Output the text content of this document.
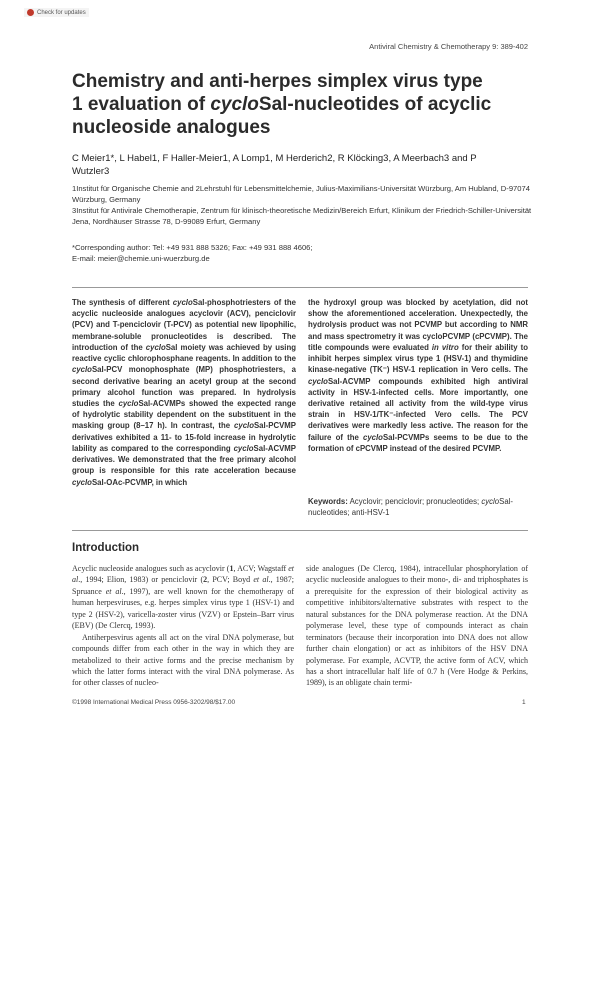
Check for updates
Antiviral Chemistry & Chemotherapy 9: 389-402
Chemistry and anti-herpes simplex virus type 1 evaluation of cycloSal-nucleotides of acyclic nucleoside analogues
C Meier1*, L Habel1, F Haller-Meier1, A Lomp1, M Herderich2, R Klöcking3, A Meerbach3 and P Wutzler3

1Institut für Organische Chemie and 2Lehrstuhl für Lebensmittelchemie, Julius-Maximilians-Universität Würzburg, Am Hubland, D-97074 Würzburg, Germany

3Institut für Antivirale Chemotherapie, Zentrum für klinisch-theoretische Medizin/Bereich Erfurt, Klinikum der Friedrich-Schiller-Universität Jena, Nordhäuser Strasse 78, D-99089 Erfurt, Germany

*Corresponding author: Tel: +49 931 888 5326; Fax: +49 931 888 4606;

E-mail: meier@chemie.uni-wuerzburg.de

The synthesis of different cycloSal-phosphotriesters of the acyclic nucleoside analogues acyclovir (ACV), penciclovir (PCV) and T-penciclovir (T-PCV) as potential new lipophilic, membrane-soluble pronucleotides is described. The introduction of the cycloSal moiety was achieved by using reactive cyclic chlorophosphane reagents. In addition to the cycloSal-PCV monophosphate (MP) phosphotriesters, a second derivative bearing an acetyl group at the second primary alcohol function was prepared. In hydrolysis studies the cycloSal-ACVMPs showed the expected range of hydrolytic stability dependent on the substituent in the masking group (8–17 h). In contrast, the cycloSal-PCVMP derivatives exhibited a 11- to 15-fold increase in hydrolytic lability as compared to the corresponding cycloSal-ACVMP derivatives. We demonstrated that the free primary alcohol group is responsible for this rate acceleration because cycloSal-OAc-PCVMP, in which
the hydroxyl group was blocked by acetylation, did not show the aforementioned acceleration. Unexpectedly, the hydrolysis product was not PCVMP but according to NMR and mass spectrometry it was cycloPCVMP (cPCVMP). The title compounds were evaluated in vitro for their ability to inhibit herpes simplex virus type 1 (HSV-1) and thymidine kinase-negative (TK⁻) HSV-1 replication in Vero cells. The cycloSal-ACVMP compounds exhibited high antiviral activity in HSV-1-infected cells. More importantly, one derivative retained all activity from the wild-type virus strain in HSV-1/TK⁻-infected Vero cells. The PCV derivatives were markedly less active. The reason for the failure of the cycloSal-PCVMPs seems to be due to the formation of cPCVMP instead of the desired PCVMP.
Keywords: Acyclovir; penciclovir; pronucleotides; cycloSal-nucleotides; anti-HSV-1
Introduction

Acyclic nucleoside analogues such as acyclovir (1, ACV; Wagstaff et al., 1994; Elion, 1983) or penciclovir (2, PCV; Boyd et al., 1987; Spruance et al., 1997), are well known for the chemotherapy of human herpesviruses, e.g. herpes simplex virus type 1 (HSV-1) and type 2 (HSV-2), varicella-zoster virus (VZV) or Epstein–Barr virus (EBV) (De Clercq, 1993).

Antiherpesvirus agents all act on the viral DNA polymerase, but compounds differ from each other in the way in which they are metabolized to their active forms and the precise mechanism by which the latter forms interact with the viral DNA polymerase. As for other classes of nucleo-

side analogues (De Clercq, 1984), intracellular phosphorylation of acyclic nucleoside analogues to their mono-, di- and triphosphates is a prerequisite for the expression of their biological activity as competitive inhibitors/alternative substrates with respect to the natural substances for the DNA polymerase reaction. At the DNA polymerase level, these type of compounds interact as chain terminators (because their incorporation into DNA does not allow further chain elongation) or act as inhibitors of the HSV DNA polymerase. For example, ACVTP, the active form of ACV, which has a short intracellular half life of 0.7 h (Vere Hodge & Perkins, 1989), is an obligate chain termi-

©1998 International Medical Press 0956-3202/98/$17.00	1
